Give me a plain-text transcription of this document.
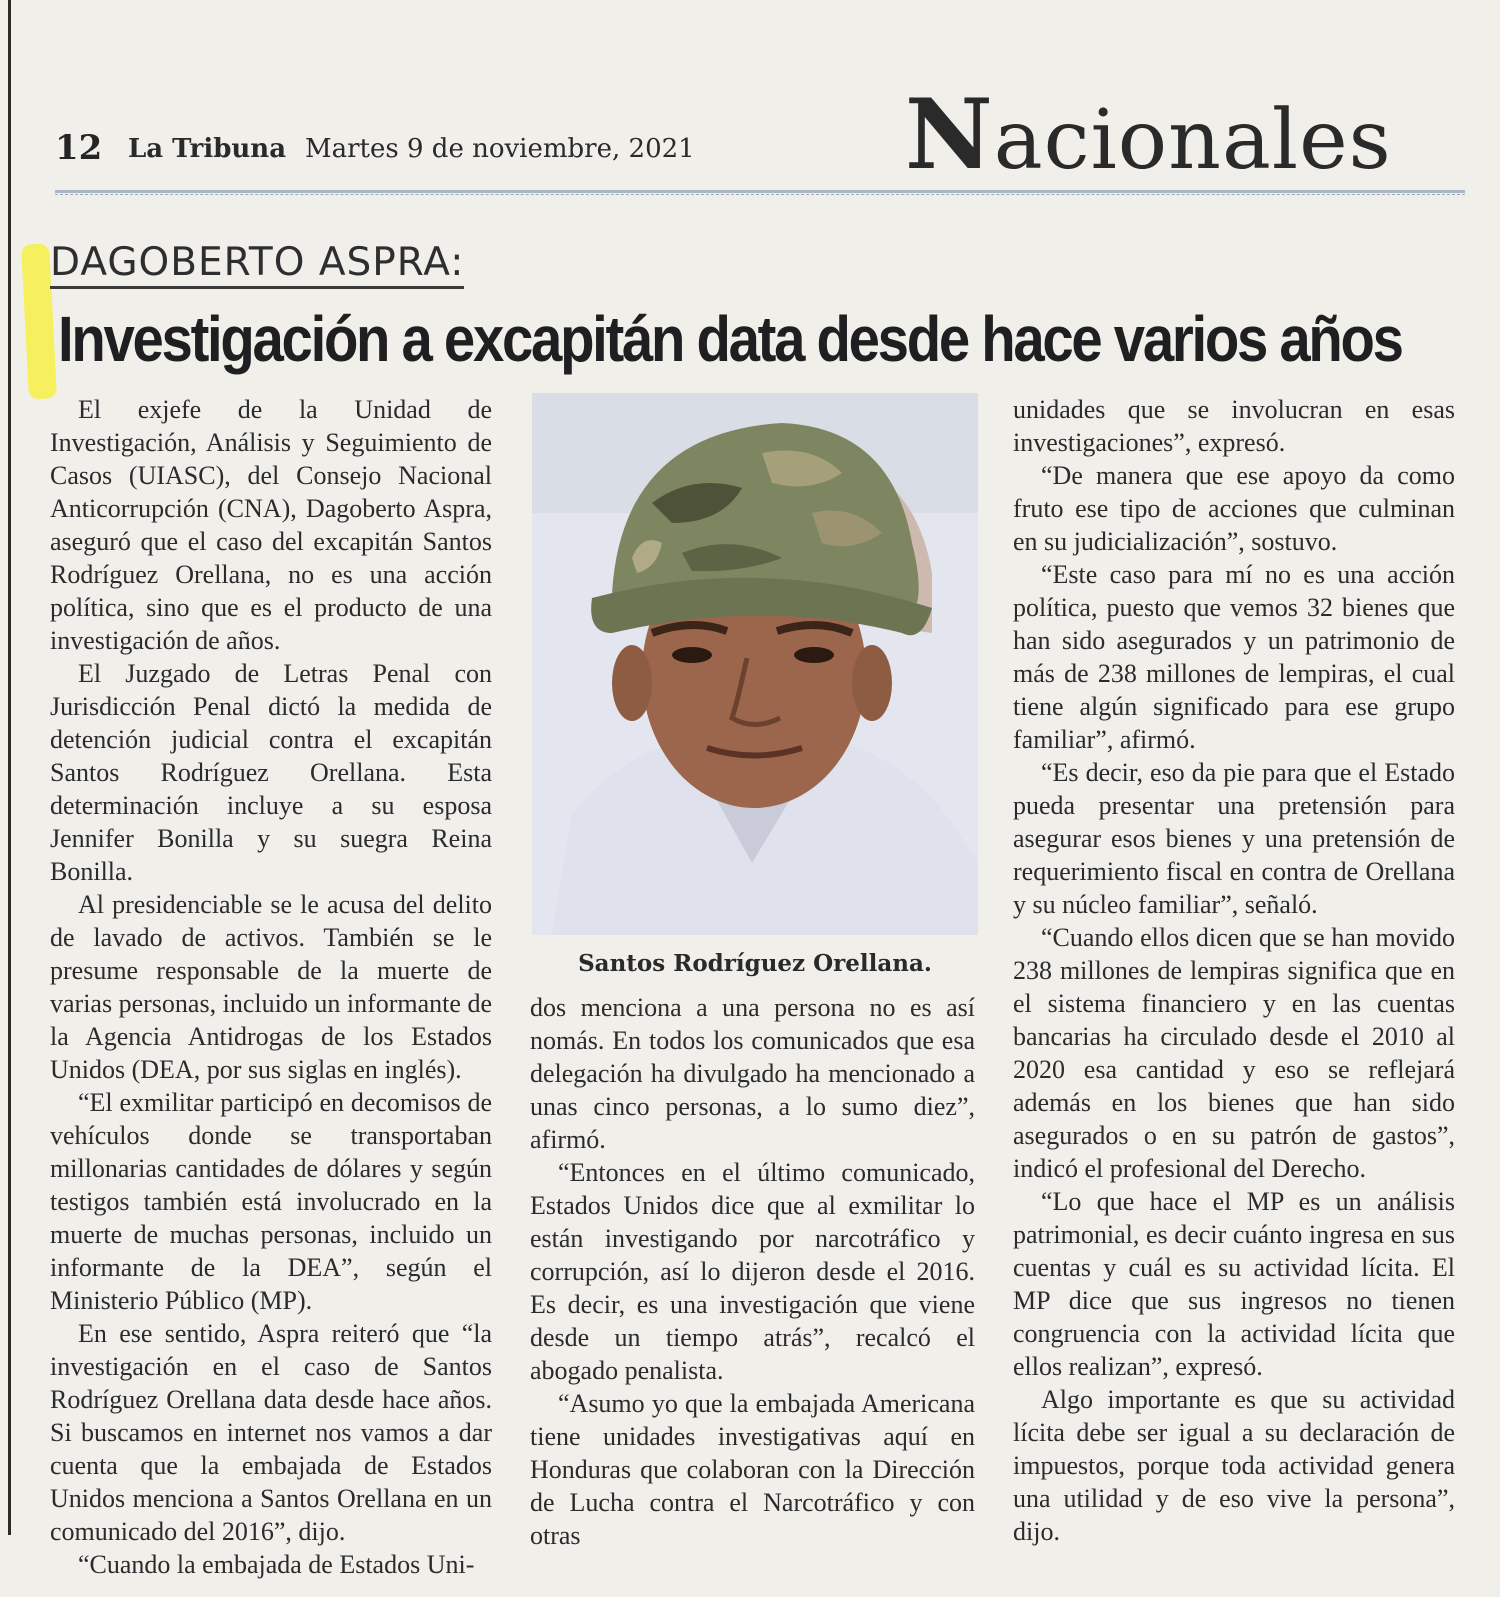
12 La Tribuna Martes 9 de noviembre, 2021 Nacionales
DAGOBERTO ASPRA:
Investigación a excapitán data desde hace varios años

El exjefe de la Unidad de Investigación, Análisis y Seguimiento de Casos (UIASC), del Consejo Nacional Anticorrupción (CNA), Dagoberto Aspra, aseguró que el caso del excapitán Santos Rodríguez Orellana, no es una acción política, sino que es el producto de una investigación de años.

El Juzgado de Letras Penal con Jurisdicción Penal dictó la medida de detención judicial contra el excapitán Santos Rodríguez Orellana. Esta determinación incluye a su esposa Jennifer Bonilla y su suegra Reina Bonilla.

Al presidenciable se le acusa del delito de lavado de activos. También se le presume responsable de la muerte de varias personas, incluido un informante de la Agencia Antidrogas de los Estados Unidos (DEA, por sus siglas en inglés).

“El exmilitar participó en decomisos de vehículos donde se transportaban millonarias cantidades de dólares y según testigos también está involucrado en la muerte de muchas personas, incluido un informante de la DEA”, según el Ministerio Público (MP).

En ese sentido, Aspra reiteró que “la investigación en el caso de Santos Rodríguez Orellana data desde hace años. Si buscamos en internet nos vamos a dar cuenta que la embajada de Estados Unidos menciona a Santos Orellana en un comunicado del 2016”, dijo.

“Cuando la embajada de Estados Uni-

Santos Rodríguez Orellana.

dos menciona a una persona no es así nomás. En todos los comunicados que esa delegación ha divulgado ha mencionado a unas cinco personas, a lo sumo diez”, afirmó.

“Entonces en el último comunicado, Estados Unidos dice que al exmilitar lo están investigando por narcotráfico y corrupción, así lo dijeron desde el 2016. Es decir, es una investigación que viene desde un tiempo atrás”, recalcó el abogado penalista.

“Asumo yo que la embajada Americana tiene unidades investigativas aquí en Honduras que colaboran con la Dirección de Lucha contra el Narcotráfico y con otras

unidades que se involucran en esas investigaciones”, expresó.

“De manera que ese apoyo da como fruto ese tipo de acciones que culminan en su judicialización”, sostuvo.

“Este caso para mí no es una acción política, puesto que vemos 32 bienes que han sido asegurados y un patrimonio de más de 238 millones de lempiras, el cual tiene algún significado para ese grupo familiar”, afirmó.

“Es decir, eso da pie para que el Estado pueda presentar una pretensión para asegurar esos bienes y una pretensión de requerimiento fiscal en contra de Orellana y su núcleo familiar”, señaló.

“Cuando ellos dicen que se han movido 238 millones de lempiras significa que en el sistema financiero y en las cuentas bancarias ha circulado desde el 2010 al 2020 esa cantidad y eso se reflejará además en los bienes que han sido asegurados o en su patrón de gastos”, indicó el profesional del Derecho.

“Lo que hace el MP es un análisis patrimonial, es decir cuánto ingresa en sus cuentas y cuál es su actividad lícita. El MP dice que sus ingresos no tienen congruencia con la actividad lícita que ellos realizan”, expresó.

Algo importante es que su actividad lícita debe ser igual a su declaración de impuestos, porque toda actividad genera una utilidad y de eso vive la persona”, dijo.
